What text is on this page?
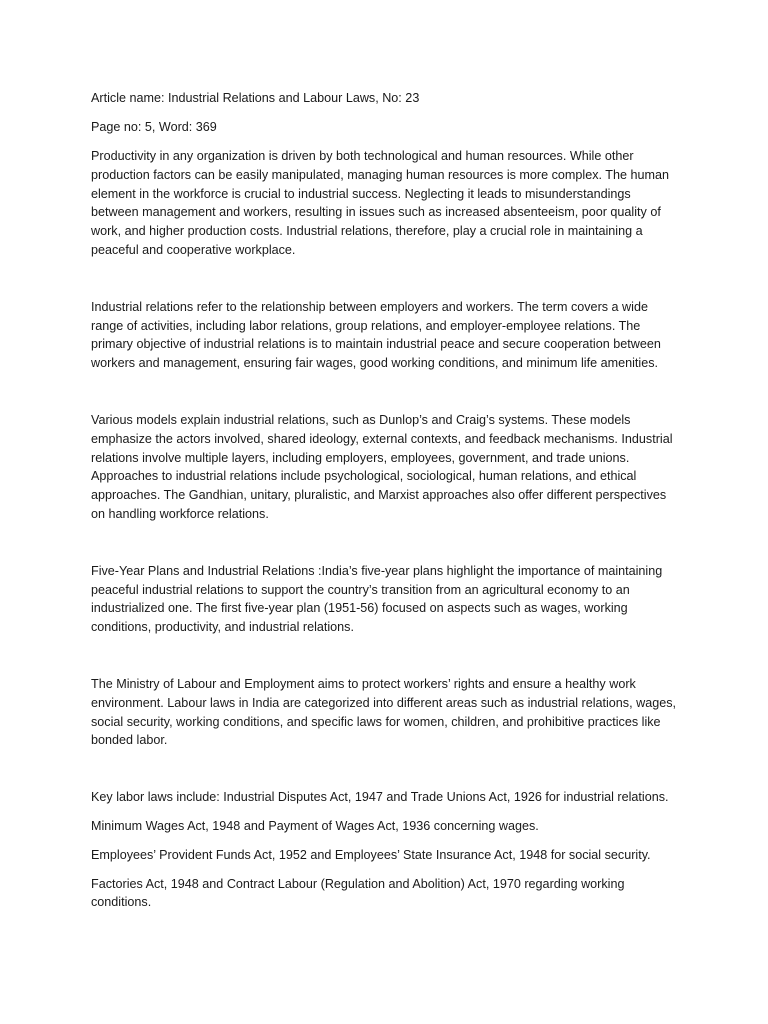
Article name: Industrial Relations and Labour Laws, No: 23

Page no: 5, Word: 369

Productivity in any organization is driven by both technological and human resources. While other production factors can be easily manipulated, managing human resources is more complex. The human element in the workforce is crucial to industrial success. Neglecting it leads to misunderstandings between management and workers, resulting in issues such as increased absenteeism, poor quality of work, and higher production costs. Industrial relations, therefore, play a crucial role in maintaining a peaceful and cooperative workplace.

Industrial relations refer to the relationship between employers and workers. The term covers a wide range of activities, including labor relations, group relations, and employer-employee relations. The primary objective of industrial relations is to maintain industrial peace and secure cooperation between workers and management, ensuring fair wages, good working conditions, and minimum life amenities.

Various models explain industrial relations, such as Dunlop’s and Craig’s systems. These models emphasize the actors involved, shared ideology, external contexts, and feedback mechanisms. Industrial relations involve multiple layers, including employers, employees, government, and trade unions. Approaches to industrial relations include psychological, sociological, human relations, and ethical approaches. The Gandhian, unitary, pluralistic, and Marxist approaches also offer different perspectives on handling workforce relations.

Five-Year Plans and Industrial Relations :India’s five-year plans highlight the importance of maintaining peaceful industrial relations to support the country’s transition from an agricultural economy to an industrialized one. The first five-year plan (1951-56) focused on aspects such as wages, working conditions, productivity, and industrial relations.

The Ministry of Labour and Employment aims to protect workers’ rights and ensure a healthy work environment. Labour laws in India are categorized into different areas such as industrial relations, wages, social security, working conditions, and specific laws for women, children, and prohibitive practices like bonded labor.

Key labor laws include: Industrial Disputes Act, 1947 and Trade Unions Act, 1926 for industrial relations.

Minimum Wages Act, 1948 and Payment of Wages Act, 1936 concerning wages.

Employees’ Provident Funds Act, 1952 and Employees’ State Insurance Act, 1948 for social security.

Factories Act, 1948 and Contract Labour (Regulation and Abolition) Act, 1970 regarding working conditions.
